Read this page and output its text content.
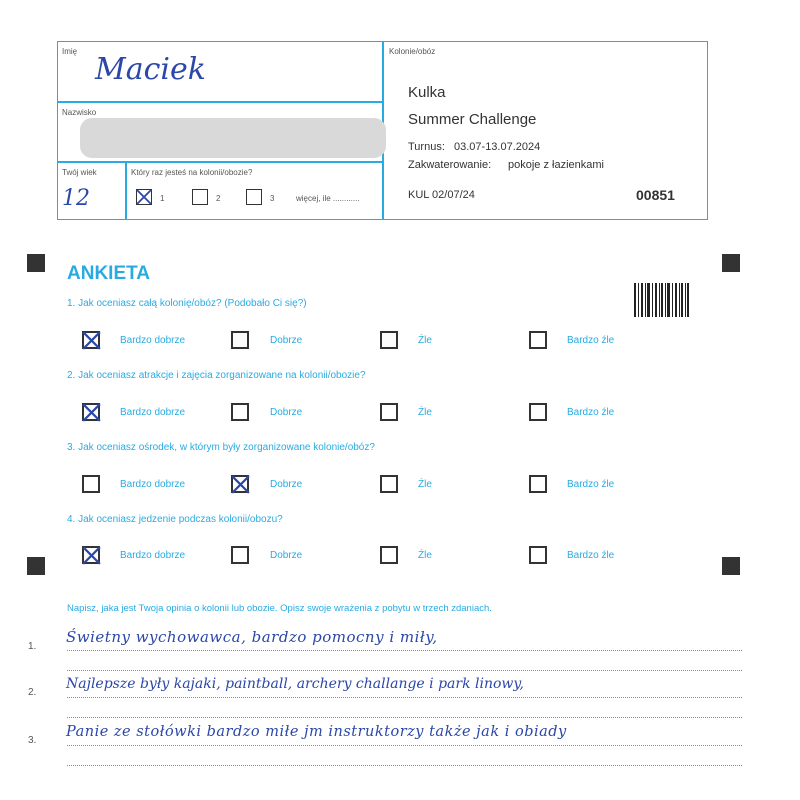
Imię
Maciek
Nazwisko
Twój wiek
12
Który raz jesteś na kolonii/obozie?
1	2	3	więcej, ile ............
Kolonie/obóz
Kulka
Summer Challenge
Turnus: 03.07-13.07.2024
Zakwaterowanie: pokoje z łazienkami
KUL 02/07/24	00851
ANKIETA
1. Jak oceniasz całą kolonię/obóz? (Podobało Ci się?)
Bardzo dobrze	Dobrze	Źle	Bardzo źle
2. Jak oceniasz atrakcje i zajęcia zorganizowane na kolonii/obozie?
Bardzo dobrze	Dobrze	Źle	Bardzo źle
3. Jak oceniasz ośrodek, w którym były zorganizowane kolonie/obóz?
Bardzo dobrze	Dobrze	Źle	Bardzo źle
4. Jak oceniasz jedzenie podczas kolonii/obozu?
Bardzo dobrze	Dobrze	Źle	Bardzo źle
Napisz, jaka jest Twoja opinia o kolonii lub obozie. Opisz swoje wrażenia z pobytu w trzech zdaniach.
1.
2.
3.
Świetny wychowawca, bardzo pomocny i miły,
Najlepsze były kajaki, paintball, archery challange i park linowy,
Panie ze stołówki bardzo miłe jm instruktorzy także jak i obiady
